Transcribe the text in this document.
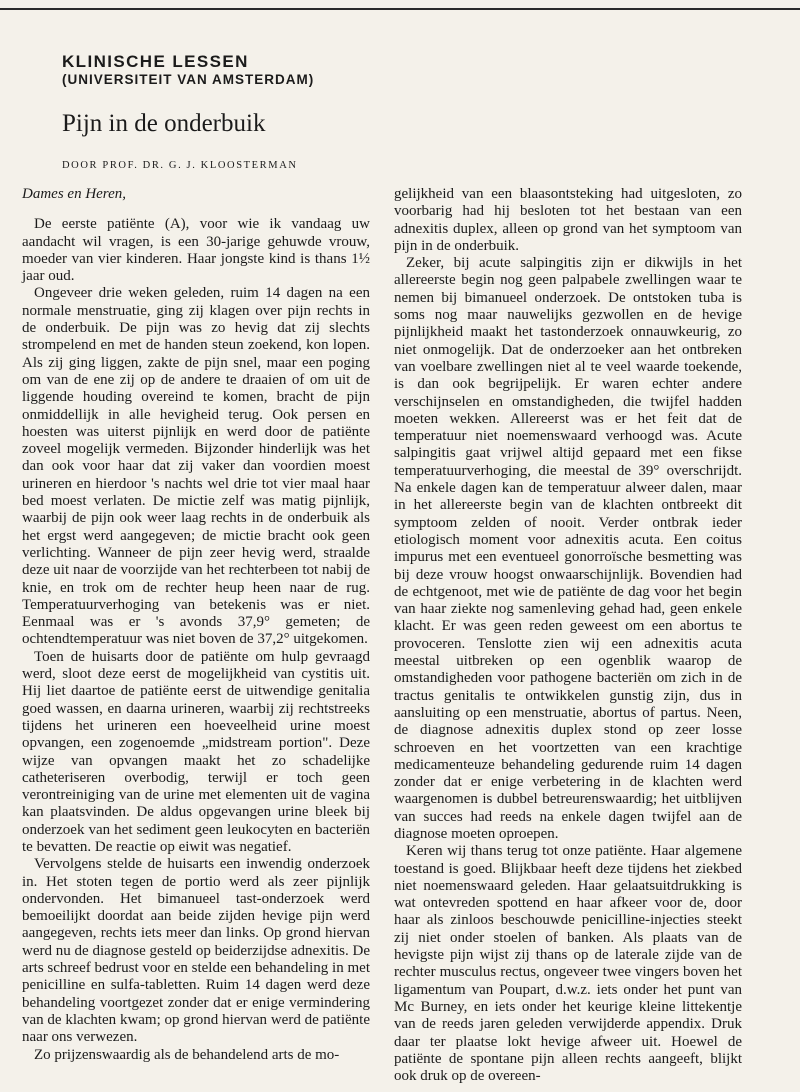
KLINISCHE LESSEN
(UNIVERSITEIT VAN AMSTERDAM)
Pijn in de onderbuik
DOOR PROF. DR. G. J. KLOOSTERMAN

Dames en Heren,

De eerste patiënte (A), voor wie ik vandaag uw aandacht wil vragen, is een 30-jarige gehuwde vrouw, moeder van vier kinderen. Haar jongste kind is thans 1½ jaar oud.

Ongeveer drie weken geleden, ruim 14 dagen na een normale menstruatie, ging zij klagen over pijn rechts in de onderbuik. De pijn was zo hevig dat zij slechts strompelend en met de handen steun zoekend, kon lopen. Als zij ging liggen, zakte de pijn snel, maar een poging om van de ene zij op de andere te draaien of om uit de liggende houding overeind te komen, bracht de pijn onmiddellijk in alle hevigheid terug. Ook persen en hoesten was uiterst pijnlijk en werd door de patiënte zoveel mogelijk vermeden. Bijzonder hinderlijk was het dan ook voor haar dat zij vaker dan voordien moest urineren en hierdoor 's nachts wel drie tot vier maal haar bed moest verlaten. De mictie zelf was matig pijnlijk, waarbij de pijn ook weer laag rechts in de onderbuik als het ergst werd aangegeven; de mictie bracht ook geen verlichting. Wanneer de pijn zeer hevig werd, straalde deze uit naar de voorzijde van het rechterbeen tot nabij de knie, en trok om de rechter heup heen naar de rug. Temperatuurverhoging van betekenis was er niet. Eenmaal was er 's avonds 37,9° gemeten; de ochtendtemperatuur was niet boven de 37,2° uitgekomen.

Toen de huisarts door de patiënte om hulp gevraagd werd, sloot deze eerst de mogelijkheid van cystitis uit. Hij liet daartoe de patiënte eerst de uitwendige genitalia goed wassen, en daarna urineren, waarbij zij rechtstreeks tijdens het urineren een hoeveelheid urine moest opvangen, een zogenoemde „midstream portion". Deze wijze van opvangen maakt het zo schadelijke catheteriseren overbodig, terwijl er toch geen verontreiniging van de urine met elementen uit de vagina kan plaatsvinden. De aldus opgevangen urine bleek bij onderzoek van het sediment geen leukocyten en bacteriën te bevatten. De reactie op eiwit was negatief.

Vervolgens stelde de huisarts een inwendig onderzoek in. Het stoten tegen de portio werd als zeer pijnlijk ondervonden. Het bimanueel tast-onderzoek werd bemoeilijkt doordat aan beide zijden hevige pijn werd aangegeven, rechts iets meer dan links. Op grond hiervan werd nu de diagnose gesteld op beiderzijdse adnexitis. De arts schreef bedrust voor en stelde een behandeling in met penicilline en sulfa-tabletten. Ruim 14 dagen werd deze behandeling voortgezet zonder dat er enige vermindering van de klachten kwam; op grond hiervan werd de patiënte naar ons verwezen.

Zo prijzenswaardig als de behandelend arts de mo-

gelijkheid van een blaasontsteking had uitgesloten, zo voorbarig had hij besloten tot het bestaan van een adnexitis duplex, alleen op grond van het symptoom van pijn in de onderbuik.

Zeker, bij acute salpingitis zijn er dikwijls in het allereerste begin nog geen palpabele zwellingen waar te nemen bij bimanueel onderzoek. De ontstoken tuba is soms nog maar nauwelijks gezwollen en de hevige pijnlijkheid maakt het tastonderzoek onnauwkeurig, zo niet onmogelijk. Dat de onderzoeker aan het ontbreken van voelbare zwellingen niet al te veel waarde toekende, is dan ook begrijpelijk. Er waren echter andere verschijnselen en omstandigheden, die twijfel hadden moeten wekken. Allereerst was er het feit dat de temperatuur niet noemenswaard verhoogd was. Acute salpingitis gaat vrijwel altijd gepaard met een fikse temperatuurverhoging, die meestal de 39° overschrijdt. Na enkele dagen kan de temperatuur alweer dalen, maar in het allereerste begin van de klachten ontbreekt dit symptoom zelden of nooit. Verder ontbrak ieder etiologisch moment voor adnexitis acuta. Een coitus impurus met een eventueel gonorroïsche besmetting was bij deze vrouw hoogst onwaarschijnlijk. Bovendien had de echtgenoot, met wie de patiënte de dag voor het begin van haar ziekte nog samenleving gehad had, geen enkele klacht. Er was geen reden geweest om een abortus te provoceren. Tenslotte zien wij een adnexitis acuta meestal uitbreken op een ogenblik waarop de omstandigheden voor pathogene bacteriën om zich in de tractus genitalis te ontwikkelen gunstig zijn, dus in aansluiting op een menstruatie, abortus of partus. Neen, de diagnose adnexitis duplex stond op zeer losse schroeven en het voortzetten van een krachtige medicamenteuze behandeling gedurende ruim 14 dagen zonder dat er enige verbetering in de klachten werd waargenomen is dubbel betreurenswaardig; het uitblijven van succes had reeds na enkele dagen twijfel aan de diagnose moeten oproepen.

Keren wij thans terug tot onze patiënte. Haar algemene toestand is goed. Blijkbaar heeft deze tijdens het ziekbed niet noemenswaard geleden. Haar gelaatsuitdrukking is wat ontevreden spottend en haar afkeer voor de, door haar als zinloos beschouwde penicilline-injecties steekt zij niet onder stoelen of banken. Als plaats van de hevigste pijn wijst zij thans op de laterale zijde van de rechter musculus rectus, ongeveer twee vingers boven het ligamentum van Poupart, d.w.z. iets onder het punt van Mc Burney, en iets onder het keurige kleine littekentje van de reeds jaren geleden verwijderde appendix. Druk daar ter plaatse lokt hevige afweer uit. Hoewel de patiënte de spontane pijn alleen rechts aangeeft, blijkt ook druk op de overeen-
